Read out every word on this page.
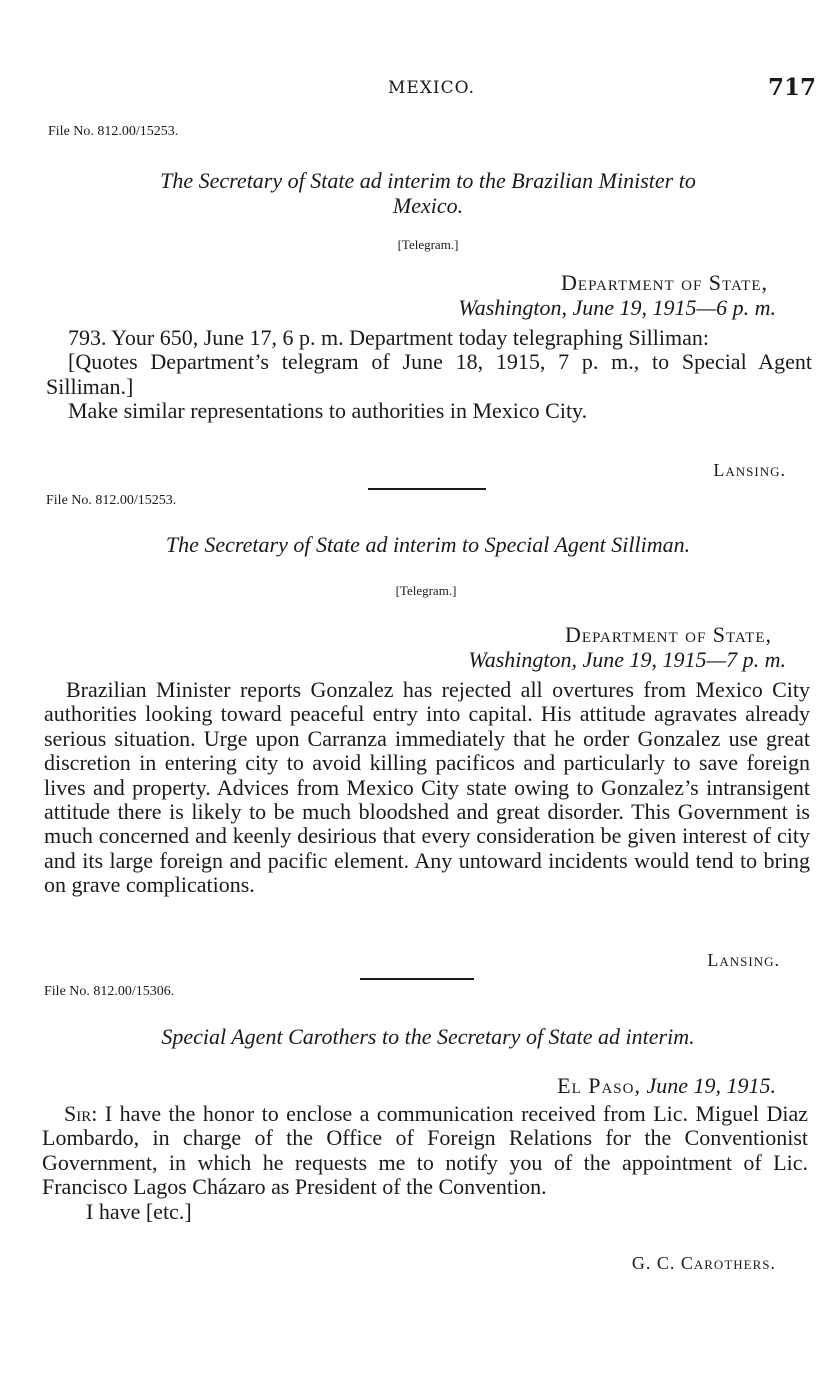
MEXICO.	717
File No. 812.00/15253.
The Secretary of State ad interim to the Brazilian Minister to
Mexico.
[Telegram.]
Department of State,
Washington, June 19, 1915—6 p. m.

793. Your 650, June 17, 6 p. m. Department today telegraphing Silliman:

[Quotes Department’s telegram of June 18, 1915, 7 p. m., to Special Agent Silliman.]

Make similar representations to authorities in Mexico City.

Lansing.
File No. 812.00/15253.
The Secretary of State ad interim to Special Agent Silliman.
[Telegram.]
Department of State,
Washington, June 19, 1915—7 p. m.

Brazilian Minister reports Gonzalez has rejected all overtures from Mexico City authorities looking toward peaceful entry into capital. His attitude agravates already serious situation. Urge upon Carranza immediately that he order Gonzalez use great discretion in entering city to avoid killing pacificos and particularly to save foreign lives and property. Advices from Mexico City state owing to Gonzalez’s intransigent attitude there is likely to be much bloodshed and great disorder. This Government is much concerned and keenly desirious that every consideration be given interest of city and its large foreign and pacific element. Any untoward incidents would tend to bring on grave complications.

Lansing.
File No. 812.00/15306.
Special Agent Carothers to the Secretary of State ad interim.
El Paso, June 19, 1915.

Sir: I have the honor to enclose a communication received from Lic. Miguel Diaz Lombardo, in charge of the Office of Foreign Relations for the Conventionist Government, in which he requests me to notify you of the appointment of Lic. Francisco Lagos Cházaro as President of the Convention.

I have [etc.]

G. C. Carothers.
